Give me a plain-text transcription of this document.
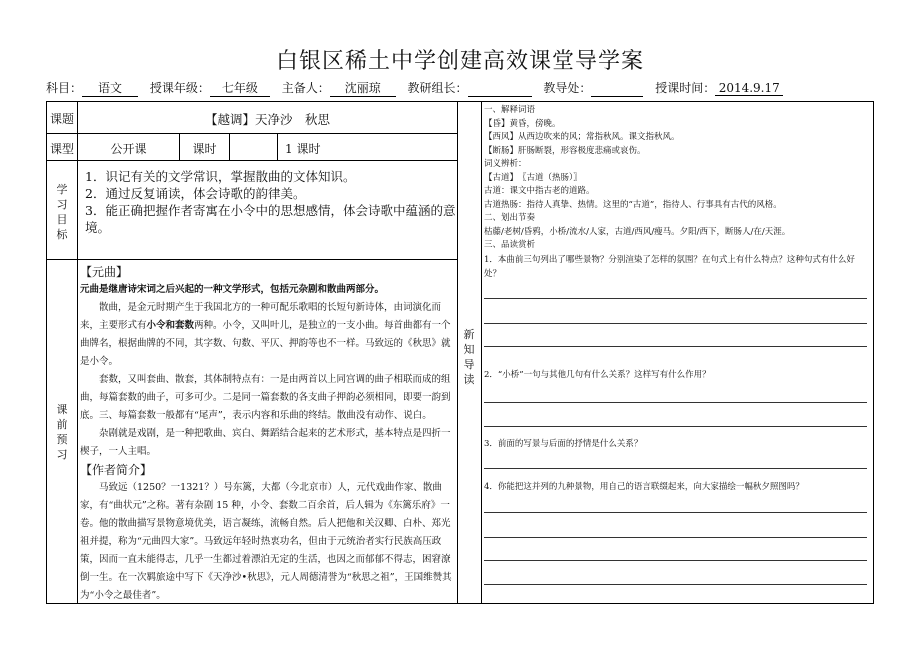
白银区稀土中学创建高效课堂导学案
科目： 语文 授课年级： 七年级 主备人： 沈丽琼 教研组长：	教导处：	授课时间： 2014.9.17
课题	【越调】天净沙　秋思
课型	公开课	课时	1 课时
学习目标
1．识记有关的文学常识，掌握散曲的文体知识。
2．通过反复诵读，体会诗歌的韵律美。
3．能正确把握作者寄寓在小令中的思想感情，体会诗歌中蕴涵的意境。
课前预习
【元曲】
元曲是继唐诗宋词之后兴起的一种文学形式，包括元杂剧和散曲两部分。

散曲，是金元时期产生于我国北方的一种可配乐歌唱的长短句新诗体，由词演化而来，主要形式有小令和套数两种。小令，又叫叶儿，是独立的一支小曲。每首曲都有一个曲牌名，根据曲牌的不同，其字数、句数、平仄、押韵等也不一样。马致远的《秋思》就是小令。

套数，又叫套曲、散套，其体制特点有：一是由两首以上同宫调的曲子相联而成的组曲，每篇套数的曲子，可多可少。二是同一篇套数的各支曲子押韵必须相同，即要一韵到底。三、每篇套数一般都有“尾声”，表示内容和乐曲的终结。散曲没有动作、说白。

杂剧就是戏剧，是一种把歌曲、宾白、舞蹈结合起来的艺术形式，基本特点是四折一楔子，一人主唱。

【作者简介】

马致远（1250？一1321？）号东篱，大都（今北京市）人，元代戏曲作家、散曲家，有“曲状元”之称。著有杂剧 15 种，小令、套数二百余首，后人辑为《东篱乐府》一卷。他的散曲描写景物意境优美，语言凝练，流畅自然。后人把他和关汉卿、白朴、郑光祖并提，称为“元曲四大家”。马致远年轻时热衷功名，但由于元统治者实行民族高压政策，因而一直未能得志，几乎一生都过着漂泊无定的生活，也因之而郁郁不得志，困窘潦倒一生。在一次羁旅途中写下《天净沙•秋思》，元人周德清誉为“秋思之祖”，王国维赞其为“小令之最佳者”。

新知导读
一、解释词语
【昏】黄昏，傍晚。
【西风】从西边吹来的风；常指秋风。课文指秋风。
【断肠】肝肠断裂，形容极度悲痛或哀伤。
词义辨析：
【古道】　〖古道（热肠）〗
古道：课文中指古老的道路。
古道热肠：指待人真挚、热情。这里的“古道”，指待人、行事具有古代的风格。
二、划出节奏
枯藤/老树/昏鸦，小桥/流水/人家，古道/西风/瘦马。夕阳/西下，断肠人/在/天涯。
三、品读赏析
1．本曲前三句列出了哪些景物？分别渲染了怎样的氛围？在句式上有什么特点？这种句式有什么好处？
2．“小桥”一句与其他几句有什么关系？这样写有什么作用？
3．前面的写景与后面的抒情是什么关系？
4．你能把这并列的九种景物，用自己的语言联缀起来，向大家描绘一幅秋夕照图吗？
